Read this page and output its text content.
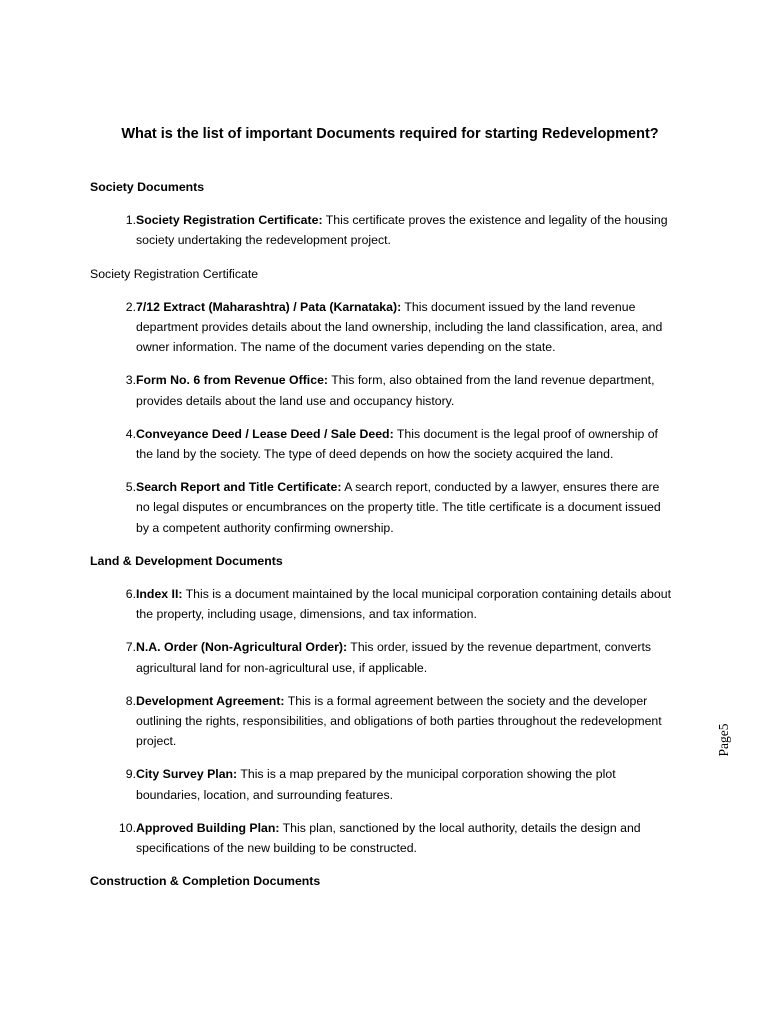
What is the list of important Documents required for starting Redevelopment?
Society Documents
1. Society Registration Certificate: This certificate proves the existence and legality of the housing society undertaking the redevelopment project.
Society Registration Certificate
2. 7/12 Extract (Maharashtra) / Pata (Karnataka): This document issued by the land revenue department provides details about the land ownership, including the land classification, area, and owner information. The name of the document varies depending on the state.
3. Form No. 6 from Revenue Office: This form, also obtained from the land revenue department, provides details about the land use and occupancy history.
4. Conveyance Deed / Lease Deed / Sale Deed: This document is the legal proof of ownership of the land by the society. The type of deed depends on how the society acquired the land.
5. Search Report and Title Certificate: A search report, conducted by a lawyer, ensures there are no legal disputes or encumbrances on the property title. The title certificate is a document issued by a competent authority confirming ownership.
Land & Development Documents
6. Index II: This is a document maintained by the local municipal corporation containing details about the property, including usage, dimensions, and tax information.
7. N.A. Order (Non-Agricultural Order): This order, issued by the revenue department, converts agricultural land for non-agricultural use, if applicable.
8. Development Agreement: This is a formal agreement between the society and the developer outlining the rights, responsibilities, and obligations of both parties throughout the redevelopment project.
9. City Survey Plan: This is a map prepared by the municipal corporation showing the plot boundaries, location, and surrounding features.
10. Approved Building Plan: This plan, sanctioned by the local authority, details the design and specifications of the new building to be constructed.
Construction & Completion Documents
Page5
